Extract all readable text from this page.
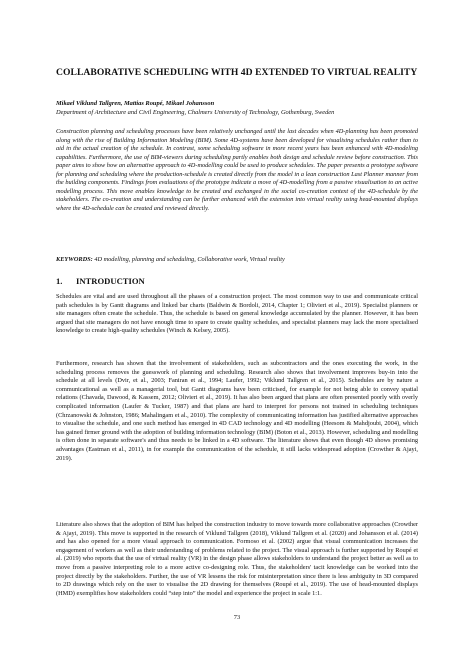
COLLABORATIVE SCHEDULING WITH 4D EXTENDED TO VIRTUAL REALITY
Mikael Viklund Tallgren, Mattias Roupé, Mikael Johansson
Department of Architecture and Civil Engineering, Chalmers University of Technology, Gothenburg, Sweden

Construction planning and scheduling processes have been relatively unchanged until the last decades when 4D-planning has been promoted along with the rise of Building Information Modeling (BIM). Some 4D-systems have been developed for visualising schedules rather than to aid in the actual creation of the schedule. In contrast, some scheduling software in more recent years has been enhanced with 4D-modeling capabilities. Furthermore, the use of BIM-viewers during scheduling partly enables both design and schedule review before construction. This paper aims to show how an alternative approach to 4D-modelling could be used to produce schedules. The paper presents a prototype software for planning and scheduling where the production-schedule is created directly from the model in a lean construction Last Planner manner from the building components. Findings from evaluations of the prototype indicate a move of 4D-modelling from a passive visualisation to an active modelling process. This move enables knowledge to be created and exchanged in the social co-creation context of the 4D-schedule by the stakeholders. The co-creation and understanding can be further enhanced with the extension into virtual reality using head-mounted displays where the 4D-schedule can be created and reviewed directly.

KEYWORDS: 4D modelling, planning and scheduling, Collaborative work, Virtual reality
1. INTRODUCTION

Schedules are vital and are used throughout all the phases of a construction project. The most common way to use and communicate critical path schedules is by Gantt diagrams and linked bar charts (Baldwin & Bordoli, 2014, Chapter 1; Olivieri et al., 2019). Specialist planners or site managers often create the schedule. Thus, the schedule is based on general knowledge accumulated by the planner. However, it has been argued that site managers do not have enough time to spare to create quality schedules, and specialist planners may lack the more specialised knowledge to create high-quality schedules (Winch & Kelsey, 2005).

Furthermore, research has shown that the involvement of stakeholders, such as subcontractors and the ones executing the work, in the scheduling process removes the guesswork of planning and scheduling. Research also shows that involvement improves buy-in into the schedule at all levels (Dvir, et al., 2003; Faniran et al., 1994; Laufer, 1992; Viklund Tallgren et al., 2015). Schedules are by nature a communicational as well as a managerial tool, but Gantt diagrams have been criticised, for example for not being able to convey spatial relations (Chavada, Dawood, & Kassem, 2012; Olivieri et al., 2019). It has also been argued that plans are often presented poorly with overly complicated information (Laufer & Tucker, 1987) and that plans are hard to interpret for persons not trained in scheduling techniques (Chrzanowski & Johnston, 1986; Mahalingam et al., 2010). The complexity of communicating information has justified alternative approaches to visualise the schedule, and one such method has emerged in 4D CAD technology and 4D modelling (Heesom & Mahdjoubi, 2004), which has gained firmer ground with the adoption of building information technology (BIM) (Boton et al., 2013). However, scheduling and modelling is often done in separate software's and thus needs to be linked in a 4D software. The literature shows that even though 4D shows promising advantages (Eastman et al., 2011), in for example the communication of the schedule, it still lacks widespread adoption (Crowther & Ajayi, 2019).

Literature also shows that the adoption of BIM has helped the construction industry to move towards more collaborative approaches (Crowther & Ajayi, 2019). This move is supported in the research of Viklund Tallgren (2018), Viklund Tallgren et al. (2020) and Johansson et al. (2014) and has also opened for a more visual approach to communication. Formoso et al. (2002) argue that visual communication increases the engagement of workers as well as their understanding of problems related to the project. The visual approach is further supported by Roupé et al. (2019) who reports that the use of virtual reality (VR) in the design phase allows stakeholders to understand the project better as well as to move from a passive interpreting role to a more active co-designing role. Thus, the stakeholders' tacit knowledge can be worked into the project directly by the stakeholders. Further, the use of VR lessens the risk for misinterpretation since there is less ambiguity in 3D compared to 2D drawings which rely on the user to visualise the 2D drawing for themselves (Roupé et al., 2019). The use of head-mounted displays (HMD) exemplifies how stakeholders could “step into” the model and experience the project in scale 1:1.

73
